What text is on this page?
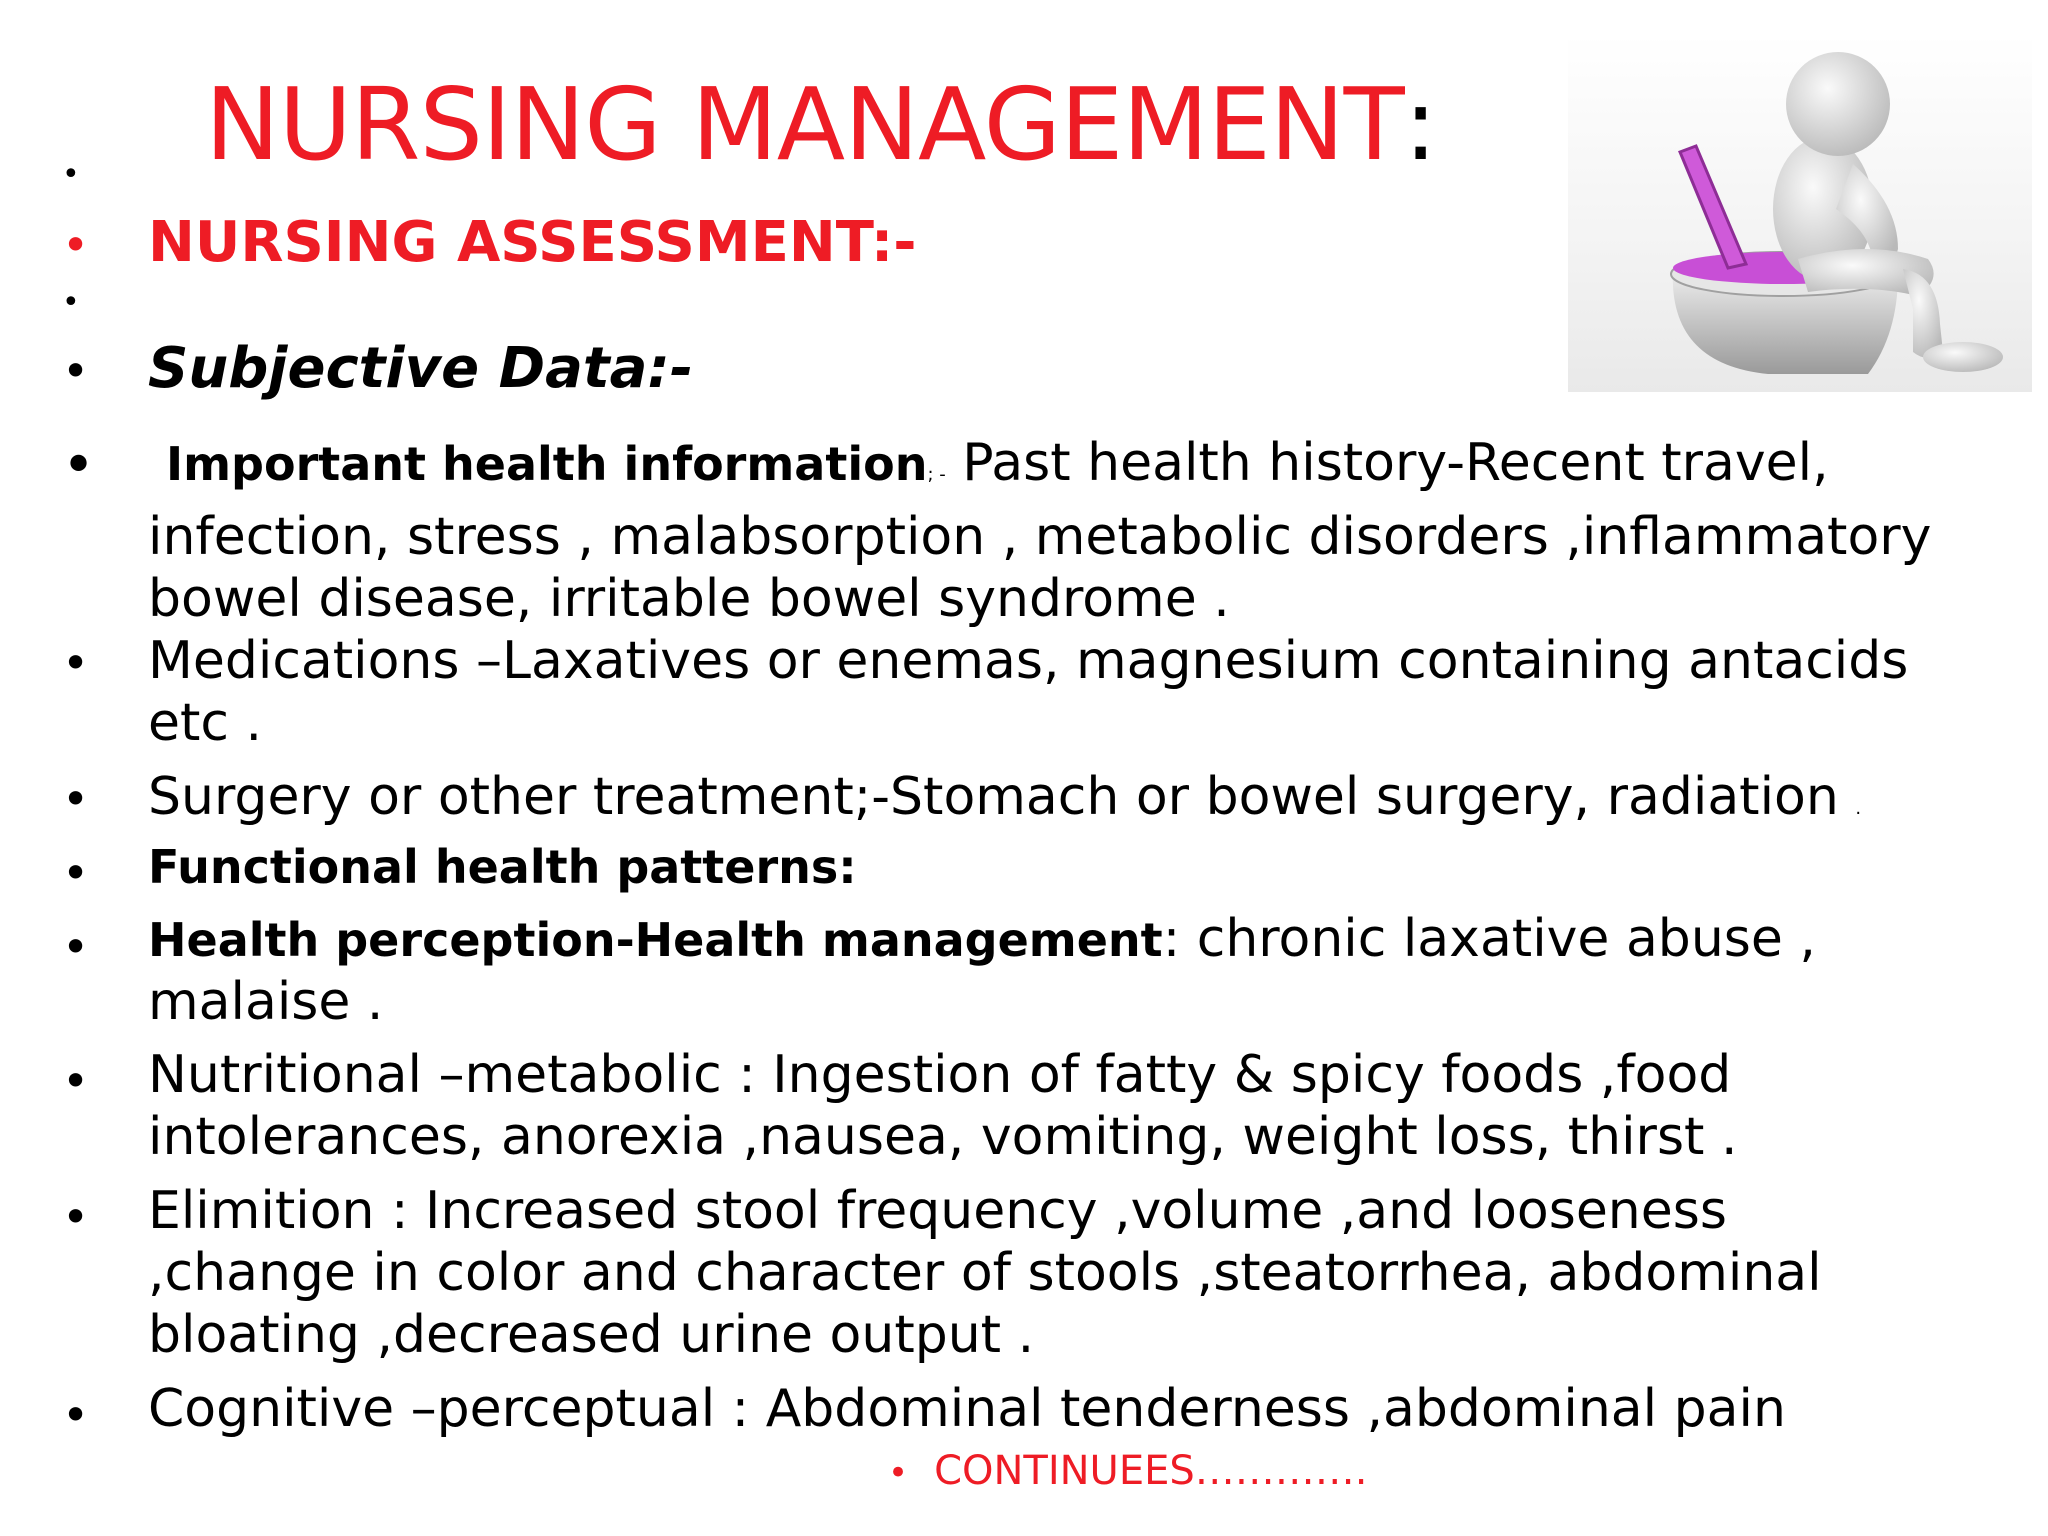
NURSING MANAGEMENT:
•
• NURSING ASSESSMENT:-
•
• Subjective Data:-
•	Important health information; - Past health history-Recent travel, infection, stress , malabsorption , metabolic disorders ,inflammatory bowel disease, irritable bowel syndrome .
• Medications –Laxatives or enemas, magnesium containing antacids etc .
• Surgery or other treatment;-Stomach or bowel surgery, radiation .
• Functional health patterns:
• Health perception-Health management: chronic laxative abuse , malaise .
• Nutritional –metabolic : Ingestion of fatty & spicy foods ,food intolerances, anorexia ,nausea, vomiting, weight loss, thirst .
• Elimition : Increased stool frequency ,volume ,and looseness ,change in color and character of stools ,steatorrhea, abdominal bloating ,decreased urine output .
• Cognitive –perceptual : Abdominal tenderness ,abdominal pain
• CONTINUEES………….
